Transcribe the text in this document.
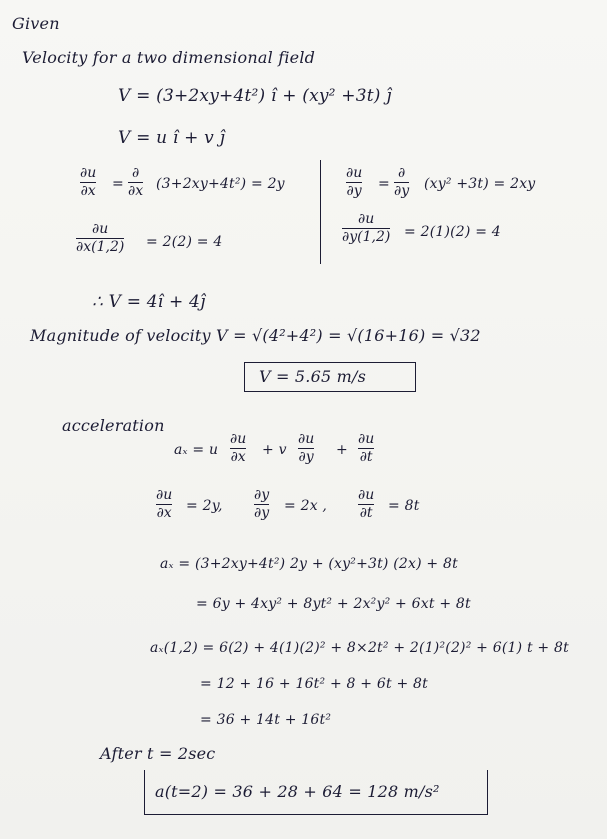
Given
Velocity for a two dimensional field
V = (3+2xy+4t²) î + (xy² +3t) ĵ
V = u î + v ĵ
∂u
∂x =
∂
∂x (3+2xy+4t²) = 2y
∂u
∂x(1,2) = 2(2) = 4
∂u
∂y =
∂
∂y (xy² +3t) = 2xy
∂u
∂y(1,2) = 2(1)(2) = 4
∴ V = 4î + 4ĵ
Magnitude of velocity V = √(4²+4²) = √(16+16) = √32
V = 5.65 m/s
acceleration
aₓ = u
∂u
∂x + v
∂u
∂y +
∂u
∂t
∂u
∂x = 2y,
∂y
∂y = 2x ,
∂u
∂t = 8t
aₓ = (3+2xy+4t²) 2y + (xy²+3t) (2x) + 8t
= 6y + 4xy² + 8yt² + 2x²y² + 6xt + 8t
aₓ(1,2) = 6(2) + 4(1)(2)² + 8×2t² + 2(1)²(2)² + 6(1) t + 8t
= 12 + 16 + 16t² + 8 + 6t + 8t
= 36 + 14t + 16t²
After t = 2sec
a(t=2) = 36 + 28 + 64 = 128 m/s²
